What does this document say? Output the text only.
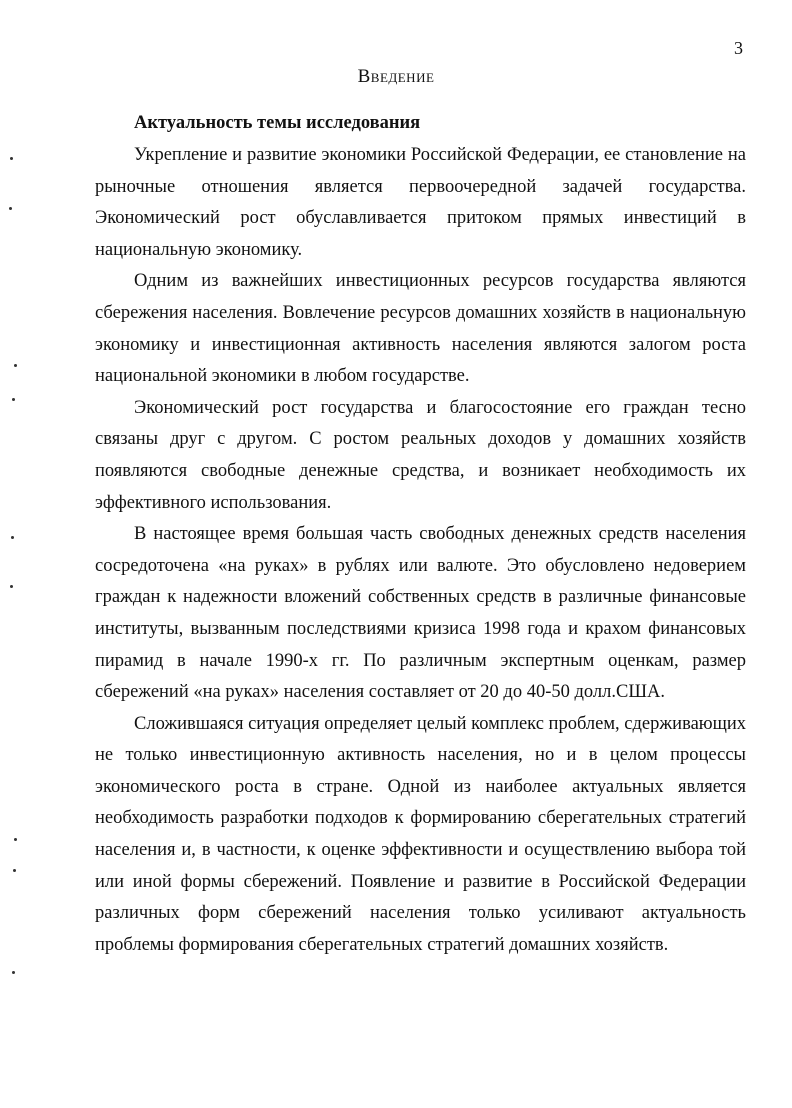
3
Введение
Актуальность темы исследования

Укрепление и развитие экономики Российской Федерации, ее становление на рыночные отношения является первоочередной задачей государства. Экономический рост обуславливается притоком прямых инвестиций в национальную экономику.

Одним из важнейших инвестиционных ресурсов государства являются сбережения населения. Вовлечение ресурсов домашних хозяйств в национальную экономику и инвестиционная активность населения являются залогом роста национальной экономики в любом государстве.

Экономический рост государства и благосостояние его граждан тесно связаны друг с другом. С ростом реальных доходов у домашних хозяйств появляются свободные денежные средства, и возникает необходимость их эффективного использования.

В настоящее время большая часть свободных денежных средств населения сосредоточена «на руках» в рублях или валюте. Это обусловлено недоверием граждан к надежности вложений собственных средств в различные финансовые институты, вызванным последствиями кризиса 1998 года и крахом финансовых пирамид в начале 1990-х гг. По различным экспертным оценкам, размер сбережений «на руках» населения составляет от 20 до 40-50 долл.США.

Сложившаяся ситуация определяет целый комплекс проблем, сдерживающих не только инвестиционную активность населения, но и в целом процессы экономического роста в стране. Одной из наиболее актуальных является необходимость разработки подходов к формированию сберегательных стратегий населения и, в частности, к оценке эффективности и осуществлению выбора той или иной формы сбережений. Появление и развитие в Российской Федерации различных форм сбережений населения только усиливают актуальность проблемы формирования сберегательных стратегий домашних хозяйств.
